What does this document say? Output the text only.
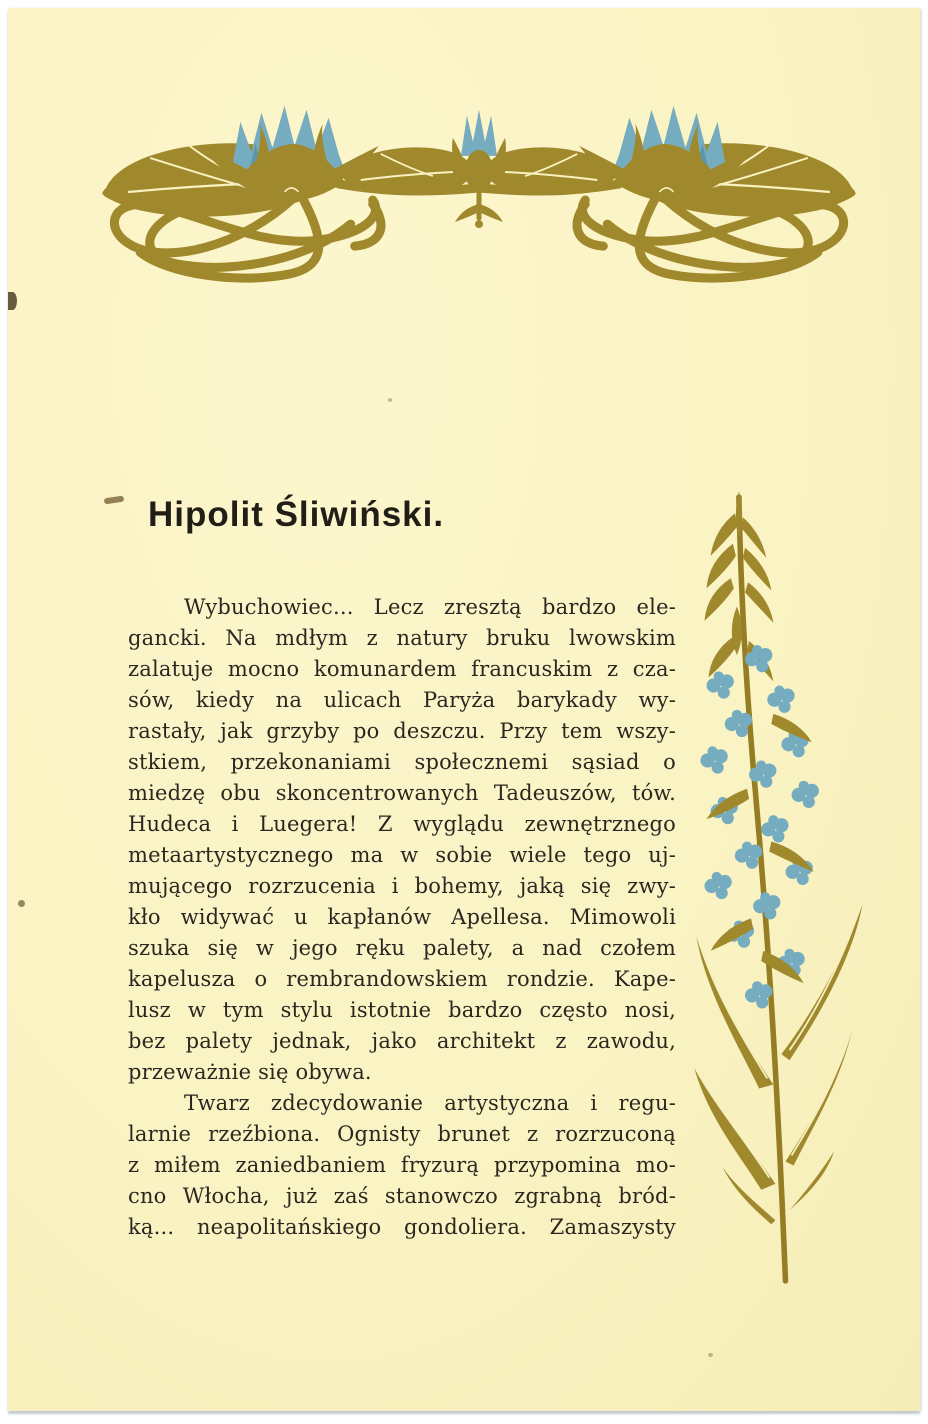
Hipolit Śliwiński.
Wybuchowiec... Lecz zresztą bardzo ele-
gancki. Na mdłym z natury bruku lwowskim
zalatuje mocno komunardem francuskim z cza-
sów, kiedy na ulicach Paryża barykady wy-
rastały, jak grzyby po deszczu. Przy tem wszy-
stkiem, przekonaniami społecznemi sąsiad o
miedzę obu skoncentrowanych Tadeuszów, tów.
Hudeca i Luegera! Z wyglądu zewnętrznego
metaartystycznego ma w sobie wiele tego uj-
mującego rozrzucenia i bohemy, jaką się zwy-
kło widywać u kapłanów Apellesa. Mimowoli
szuka się w jego ręku palety, a nad czołem
kapelusza o rembrandowskiem rondzie. Kape-
lusz w tym stylu istotnie bardzo często nosi,
bez palety jednak, jako architekt z zawodu,
przeważnie się obywa.
Twarz zdecydowanie artystyczna i regu-
larnie rzeźbiona. Ognisty brunet z rozrzuconą
z miłem zaniedbaniem fryzurą przypomina mo-
cno Włocha, już zaś stanowczo zgrabną bród-
ką... neapolitańskiego gondoliera. Zamaszysty
